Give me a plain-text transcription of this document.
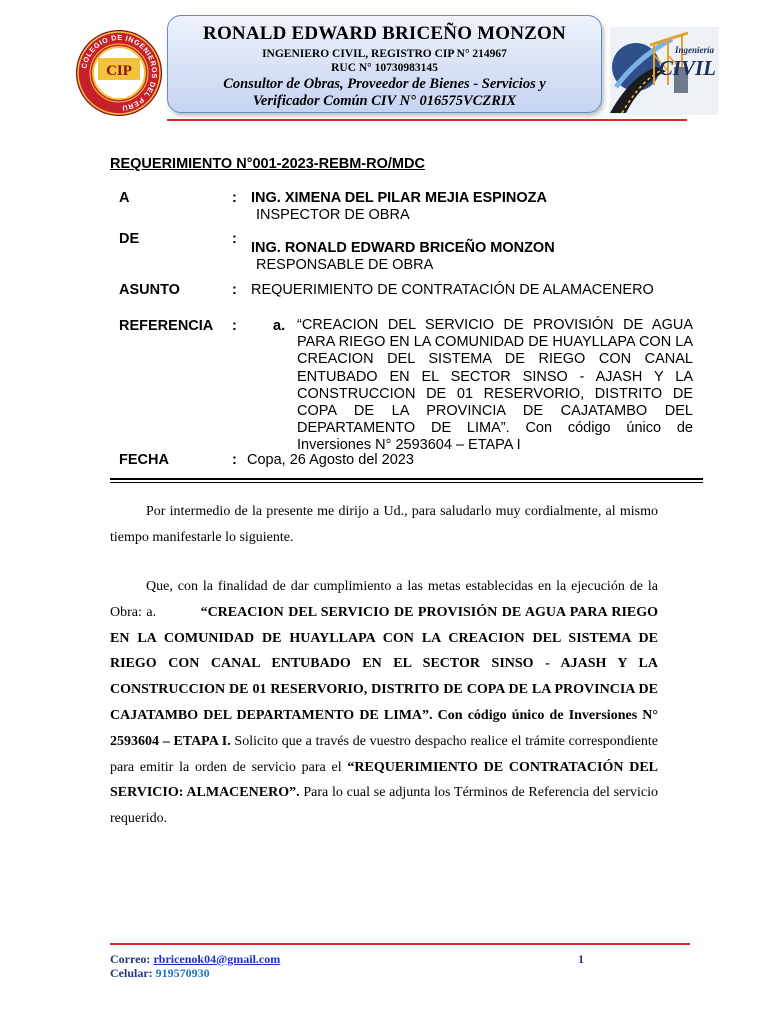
COLEGIO DE INGENIEROS DEL PERU
CIP
1962
RONALD EDWARD BRICEÑO MONZON
INGENIERO CIVIL, REGISTRO CIP N° 214967
RUC N° 10730983145
Consultor de Obras, Proveedor de Bienes - Servicios y
Verificador Común CIV N° 016575VCZRIX
Ingeniería
CIVIL
REQUERIMIENTO N°001-2023-REBM-RO/MDC
A	: ING. XIMENA DEL PILAR MEJIA ESPINOZA
INSPECTOR DE OBRA
DE	:
ING. RONALD EDWARD BRICEÑO MONZON
RESPONSABLE DE OBRA
ASUNTO	: REQUERIMIENTO DE CONTRATACIÓN DE ALAMACENERO
REFERENCIA : a. “CREACION DEL SERVICIO DE PROVISIÓN DE AGUA PARA RIEGO EN LA COMUNIDAD DE HUAYLLAPA CON LA CREACION DEL SISTEMA DE RIEGO CON CANAL ENTUBADO EN EL SECTOR SINSO - AJASH Y LA CONSTRUCCION DE 01 RESERVORIO, DISTRITO DE COPA DE LA PROVINCIA DE CAJATAMBO DEL DEPARTAMENTO DE LIMA”. Con código único de Inversiones N° 2593604 – ETAPA I
FECHA	: Copa, 26 Agosto del 2023
Por intermedio de la presente me dirijo a Ud., para saludarlo muy cordialmente, al mismo tiempo manifestarle lo siguiente.
Que, con la finalidad de dar cumplimiento a las metas establecidas en la ejecución de la Obra: a.	“CREACION DEL SERVICIO DE PROVISIÓN DE AGUA PARA RIEGO EN LA COMUNIDAD DE HUAYLLAPA CON LA CREACION DEL SISTEMA DE RIEGO CON CANAL ENTUBADO EN EL SECTOR SINSO - AJASH Y LA CONSTRUCCION DE 01 RESERVORIO, DISTRITO DE COPA DE LA PROVINCIA DE CAJATAMBO DEL DEPARTAMENTO DE LIMA”. Con código único de Inversiones N° 2593604 – ETAPA I. Solicito que a través de vuestro despacho realice el trámite correspondiente para emitir la orden de servicio para el “REQUERIMIENTO DE CONTRATACIÓN DEL SERVICIO: ALMACENERO”. Para lo cual se adjunta los Términos de Referencia del servicio requerido.
Correo: rbricenok04@gmail.com
Celular: 919570930
1
